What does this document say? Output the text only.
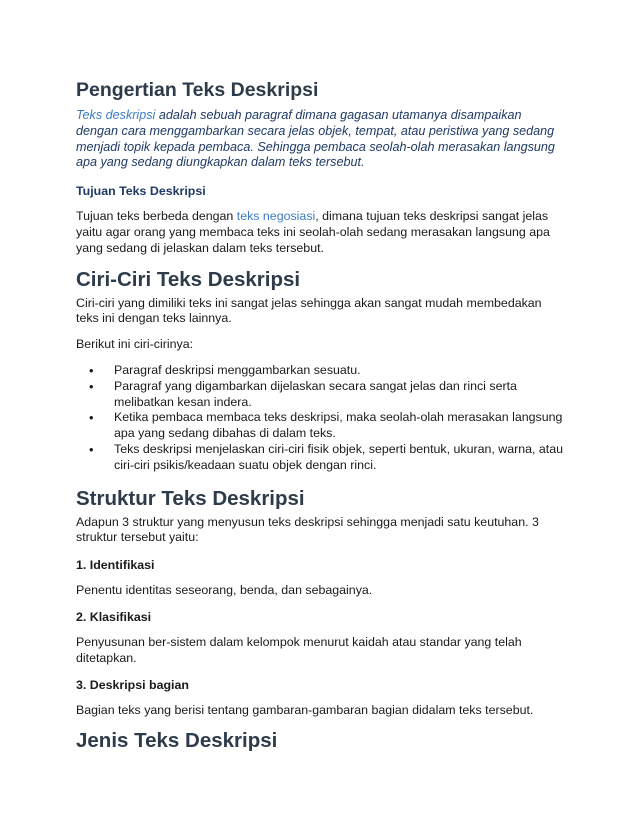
Pengertian Teks Deskripsi

Teks deskripsi adalah sebuah paragraf dimana gagasan utamanya disampaikan dengan cara menggambarkan secara jelas objek, tempat, atau peristiwa yang sedang menjadi topik kepada pembaca. Sehingga pembaca seolah-olah merasakan langsung apa yang sedang diungkapkan dalam teks tersebut.

Tujuan Teks Deskripsi

Tujuan teks berbeda dengan teks negosiasi, dimana tujuan teks deskripsi sangat jelas yaitu agar orang yang membaca teks ini seolah-olah sedang merasakan langsung apa yang sedang di jelaskan dalam teks tersebut.

Ciri-Ciri Teks Deskripsi

Ciri-ciri yang dimiliki teks ini sangat jelas sehingga akan sangat mudah membedakan teks ini dengan teks lainnya.

Berikut ini ciri-cirinya:

• Paragraf deskripsi menggambarkan sesuatu.
• Paragraf yang digambarkan dijelaskan secara sangat jelas dan rinci serta melibatkan kesan indera.
• Ketika pembaca membaca teks deskripsi, maka seolah-olah merasakan langsung apa yang sedang dibahas di dalam teks.
• Teks deskripsi menjelaskan ciri-ciri fisik objek, seperti bentuk, ukuran, warna, atau ciri-ciri psikis/keadaan suatu objek dengan rinci.
Struktur Teks Deskripsi

Adapun 3 struktur yang menyusun teks deskripsi sehingga menjadi satu keutuhan. 3 struktur tersebut yaitu:

1. Identifikasi

Penentu identitas seseorang, benda, dan sebagainya.

2. Klasifikasi

Penyusunan ber-sistem dalam kelompok menurut kaidah atau standar yang telah ditetapkan.

3. Deskripsi bagian

Bagian teks yang berisi tentang gambaran-gambaran bagian didalam teks tersebut.

Jenis Teks Deskripsi
